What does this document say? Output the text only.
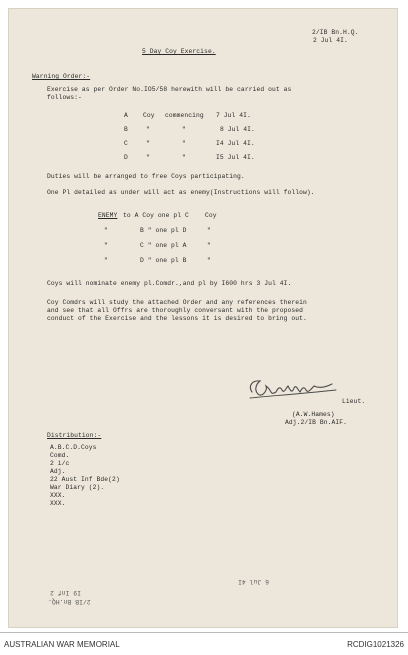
2/IB Bn.H.Q.
2 Jul 4I.
5 Day Coy Exercise.
Warning Order:-
Exercise as per Order No.IO5/58 herewith will be carried out as
follows:-
A Coy commencing 7 Jul 4I.
B	"	"	8 Jul 4I.
C	"	"	I4 Jul 4I.
D	"	"	I5 Jul 4I.
Duties will be arranged to free Coys participating.
One Pl detailed as under will act as enemy(Instructions will follow).
ENEMY to A Coy one pl C	Coy
"	B " one pl D	"
"	C " one pl A	"
"	D " one pl B	"
Coys will nominate enemy pl.Comdr.,and pl by I600 hrs 3 Jul 4I.
Coy Comdrs will study the attached Order and any references therein
and see that all Offrs are thoroughly conversant with the proposed
conduct of the Exercise and the lessons it is desired to bring out.
Lieut.
(A.W.Hames)
Adj.2/IB Bn.AIF.
Distribution:-
A.B.C.D.Coys
Comd.
2 i/c
Adj.
22 Aust Inf Bde(2)
War Diary (2).
XXX.
XXX.
I9 Inf 2
2/IB Bn.HQ.
6 Jul 4I
AUSTRALIAN WAR MEMORIAL	RCDIG1021326
